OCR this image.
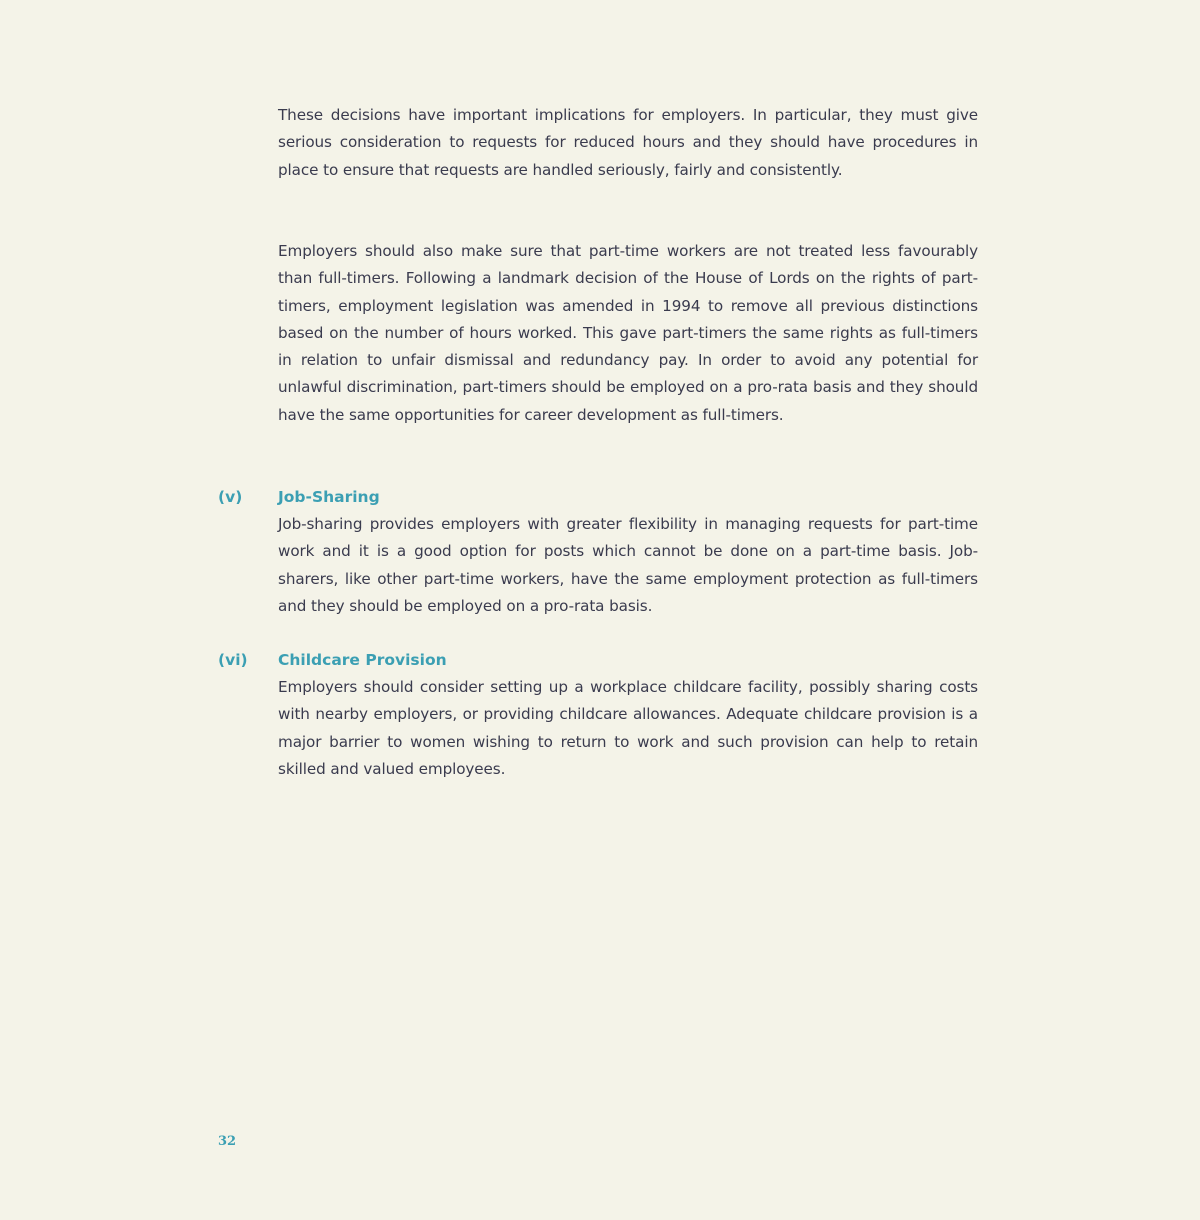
These decisions have important implications for employers. In particular, they must give serious consideration to requests for reduced hours and they should have procedures in place to ensure that requests are handled seriously, fairly and consistently.

Employers should also make sure that part-time workers are not treated less favourably than full-timers. Following a landmark decision of the House of Lords on the rights of part-timers, employment legislation was amended in 1994 to remove all previous distinctions based on the number of hours worked. This gave part-timers the same rights as full-timers in relation to unfair dismissal and redundancy pay. In order to avoid any potential for unlawful discrimination, part-timers should be employed on a pro-rata basis and they should have the same opportunities for career development as full-timers.

(v) Job-Sharing

Job-sharing provides employers with greater flexibility in managing requests for part-time work and it is a good option for posts which cannot be done on a part-time basis. Job-sharers, like other part-time workers, have the same employment protection as full-timers and they should be employed on a pro-rata basis.

(vi) Childcare Provision

Employers should consider setting up a workplace childcare facility, possibly sharing costs with nearby employers, or providing childcare allowances. Adequate childcare provision is a major barrier to women wishing to return to work and such provision can help to retain skilled and valued employees.

32
